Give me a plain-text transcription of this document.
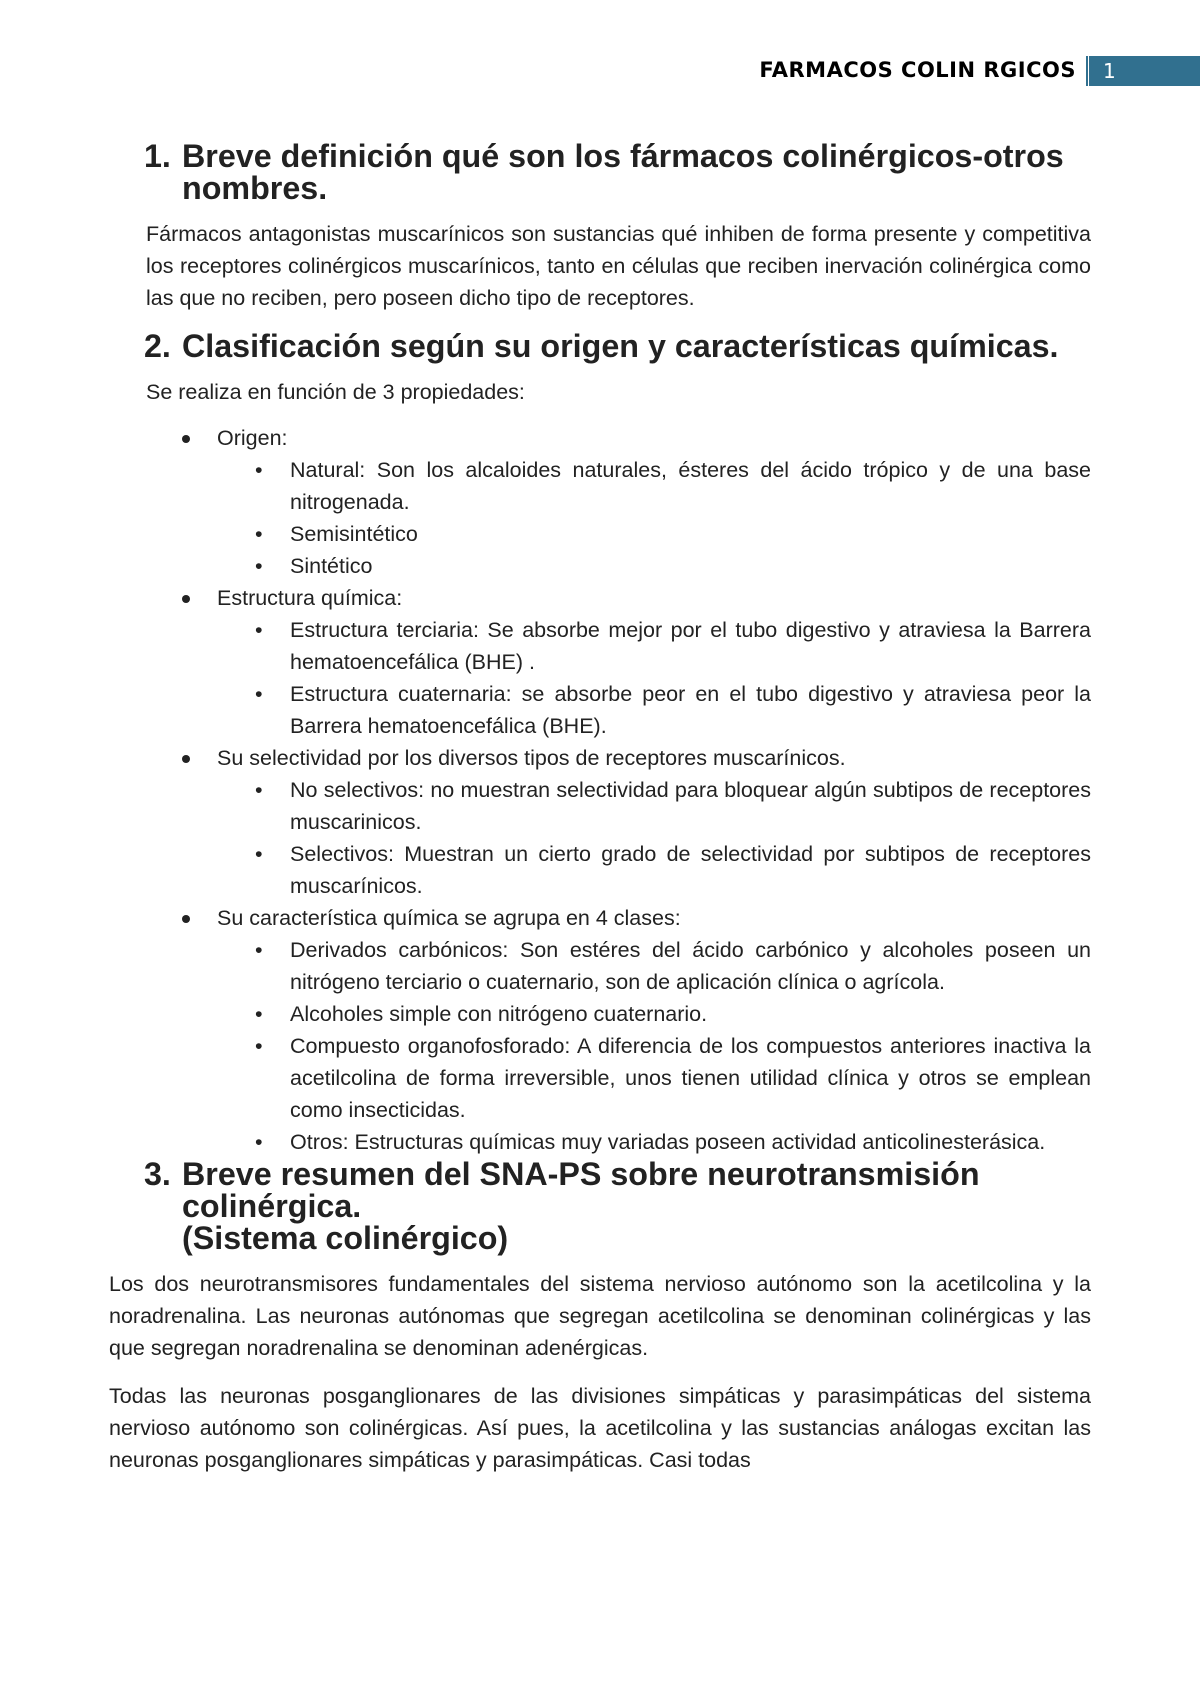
FARMACOS COLIN RGICOS	1
1. Breve definición qué son los fármacos colinérgicos-otros nombres.

Fármacos antagonistas muscarínicos son sustancias qué inhiben de forma presente y competitiva los receptores colinérgicos muscarínicos, tanto en células que reciben inervación colinérgica como las que no reciben, pero poseen dicho tipo de receptores.

2. Clasificación según su origen y características químicas.

Se realiza en función de 3 propiedades:

Origen:
• Natural: Son los alcaloides naturales, ésteres del ácido trópico y de una base nitrogenada.
• Semisintético
• Sintético
Estructura química:
• Estructura terciaria: Se absorbe mejor por el tubo digestivo y atraviesa la Barrera hematoencefálica (BHE) .
• Estructura cuaternaria: se absorbe peor en el tubo digestivo y atraviesa peor la Barrera hematoencefálica (BHE).
Su selectividad por los diversos tipos de receptores muscarínicos.
• No selectivos: no muestran selectividad para bloquear algún subtipos de receptores muscarinicos.
• Selectivos: Muestran un cierto grado de selectividad por subtipos de receptores muscarínicos.
Su característica química se agrupa en 4 clases:
• Derivados carbónicos: Son estéres del ácido carbónico y alcoholes poseen un nitrógeno terciario o cuaternario, son de aplicación clínica o agrícola.
• Alcoholes simple con nitrógeno cuaternario.
• Compuesto organofosforado: A diferencia de los compuestos anteriores inactiva la acetilcolina de forma irreversible, unos tienen utilidad clínica y otros se emplean como insecticidas.
• Otros: Estructuras químicas muy variadas poseen actividad anticolinesterásica.
3. Breve resumen del SNA-PS sobre neurotransmisión colinérgica.
(Sistema colinérgico)

Los dos neurotransmisores fundamentales del sistema nervioso autónomo son la acetilcolina y la noradrenalina. Las neuronas autónomas que segregan acetilcolina se denominan colinérgicas y las que segregan noradrenalina se denominan adenérgicas.

Todas las neuronas posganglionares de las divisiones simpáticas y parasimpáticas del sistema nervioso autónomo son colinérgicas. Así pues, la acetilcolina y las sustancias análogas excitan las neuronas posganglionares simpáticas y parasimpáticas. Casi todas
